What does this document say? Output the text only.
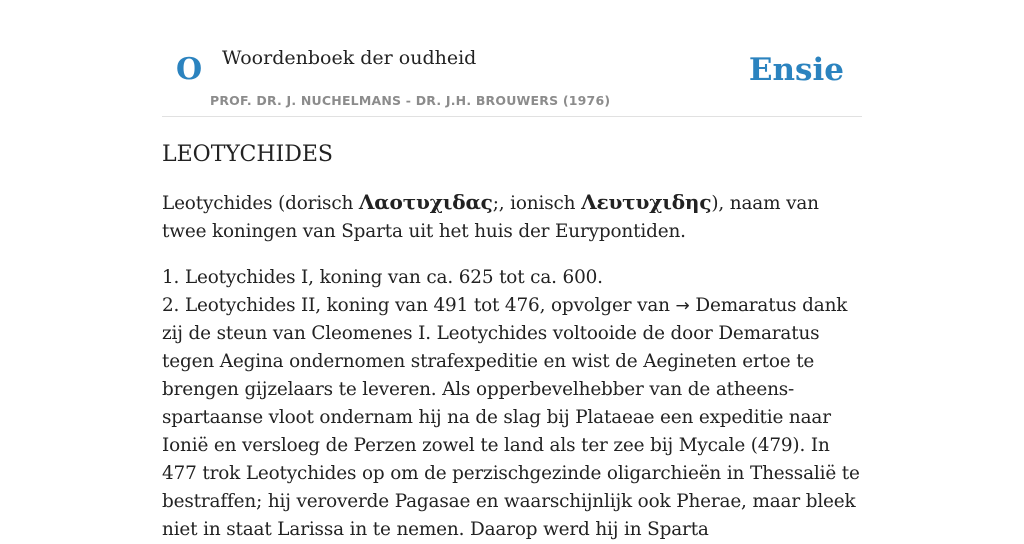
O Woordenboek der oudheid
PROF. DR. J. NUCHELMANS - DR. J.H. BROUWERS (1976)
Ensie
LEOTYCHIDES

Leotychides (dorisch Λαοτυχιδας;, ionisch Λευτυχιδης), naam van twee koningen van Sparta uit het huis der Eurypontiden.

1. Leotychides I, koning van ca. 625 tot ca. 600.

2. Leotychides II, koning van 491 tot 476, opvolger van → Demaratus dank zij de steun van Cleomenes I. Leotychides voltooide de door Demaratus tegen Aegina ondernomen strafexpeditie en wist de Aegineten ertoe te brengen gijzelaars te leveren. Als opperbevelhebber van de atheens-spartaanse vloot ondernam hij na de slag bij Plataeae een expeditie naar Ionië en versloeg de Perzen zowel te land als ter zee bij Mycale (479). In 477 trok Leotychides op om de perzischgezinde oligarchieën in Thessalië te bestraffen; hij veroverde Pagasae en waarschijnlijk ook Pherae, maar bleek niet in staat Larissa in te nemen. Daarop werd hij in Sparta
